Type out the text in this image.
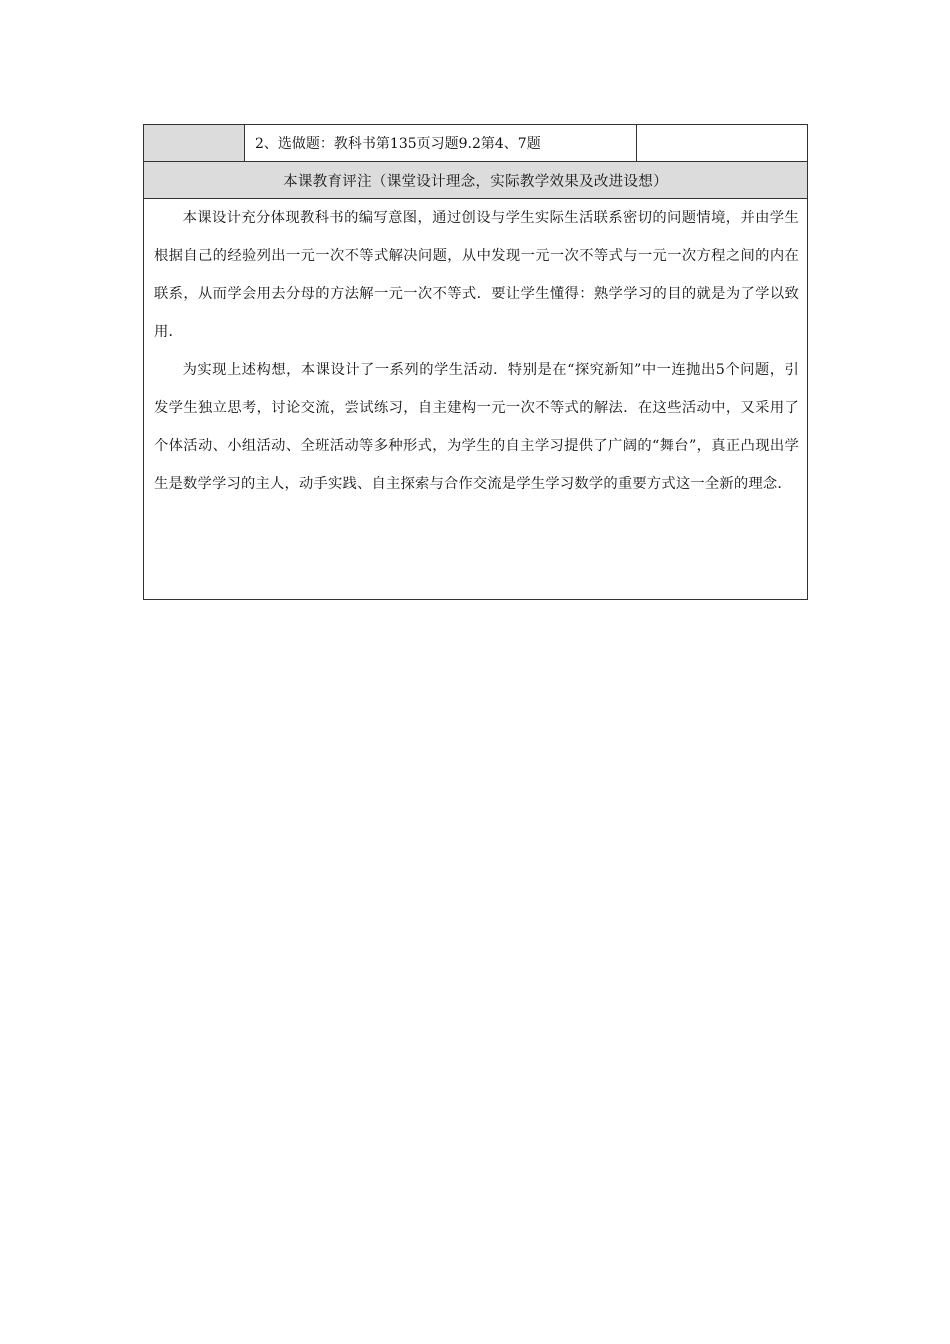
	2、选做题：教科书第135页习题9.2第4、7题	
本课教育评注（课堂设计理念，实际教学效果及改进设想）

本课设计充分体现教科书的编写意图，通过创设与学生实际生活联系密切的问题情境，并由学生根据自己的经验列出一元一次不等式解决问题，从中发现一元一次不等式与一元一次方程之间的内在联系，从而学会用去分母的方法解一元一次不等式．要让学生懂得：熟学学习的目的就是为了学以致用．

为实现上述构想，本课设计了一系列的学生活动．特别是在“探究新知”中一连抛出5个问题，引发学生独立思考，讨论交流，尝试练习，自主建构一元一次不等式的解法．在这些活动中，又采用了个体活动、小组活动、全班活动等多种形式，为学生的自主学习提供了广阔的“舞台”，真正凸现出学生是数学学习的主人，动手实践、自主探索与合作交流是学生学习数学的重要方式这一全新的理念．
